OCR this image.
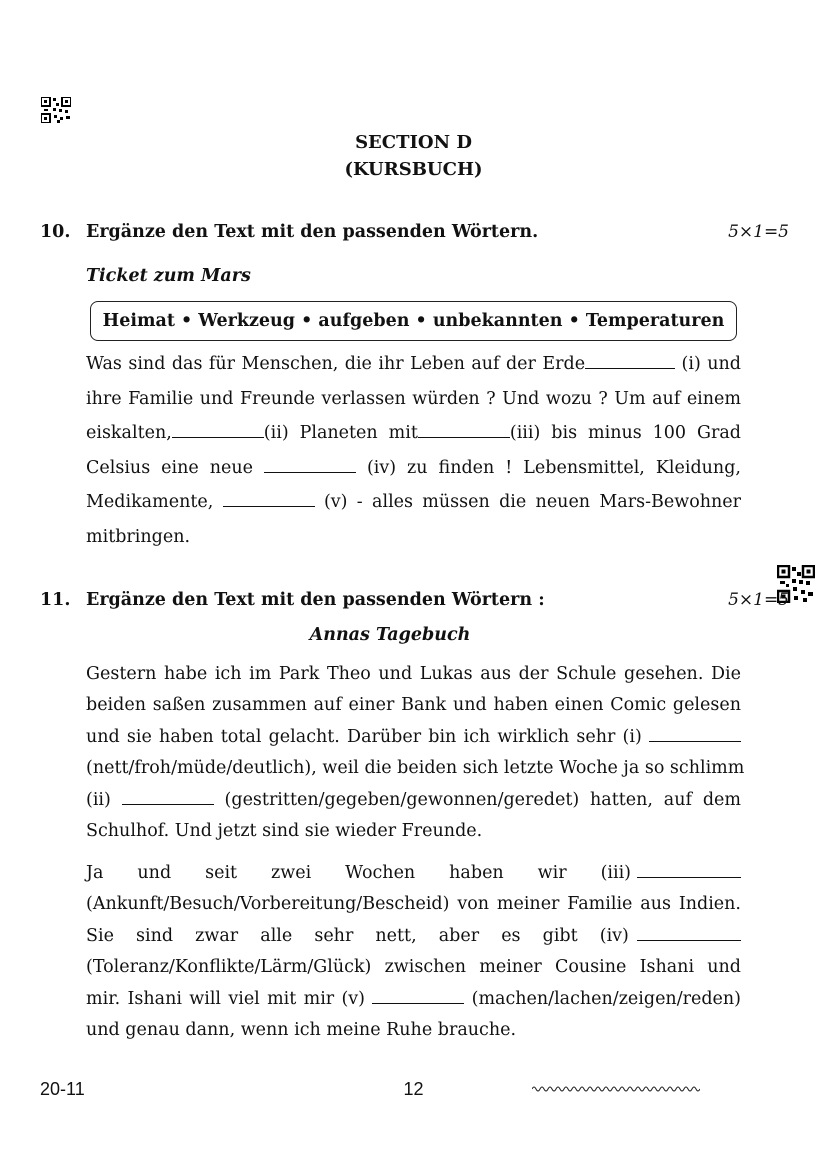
SECTION D
(KURSBUCH)
10. Ergänze den Text mit den passenden Wörtern.	5×1=5
Ticket zum Mars
Heimat • Werkzeug • aufgeben • unbekannten • Temperaturen
Was sind das für Menschen, die ihr Leben auf der Erde	(i) und
ihre Familie und Freunde verlassen würden ? Und wozu ? Um auf einem
eiskalten,	(ii) Planeten mit	(iii) bis minus 100 Grad
Celsius eine neue	(iv) zu finden ! Lebensmittel, Kleidung,
Medikamente,	(v) - alles müssen die neuen Mars-Bewohner
mitbringen.
11. Ergänze den Text mit den passenden Wörtern :	5×1=5
Annas Tagebuch
Gestern habe ich im Park Theo und Lukas aus der Schule gesehen. Die
beiden saßen zusammen auf einer Bank und haben einen Comic gelesen
und sie haben total gelacht. Darüber bin ich wirklich sehr (i)
(nett/froh/müde/deutlich), weil die beiden sich letzte Woche ja so schlimm
(ii)	(gestritten/gegeben/gewonnen/geredet) hatten, auf dem
Schulhof. Und jetzt sind sie wieder Freunde.
Ja und seit zwei Wochen haben wir (iii)
(Ankunft/Besuch/Vorbereitung/Bescheid) von meiner Familie aus Indien.
Sie sind zwar alle sehr nett, aber es gibt (iv)
(Toleranz/Konflikte/Lärm/Glück) zwischen meiner Cousine Ishani und
mir. Ishani will viel mit mir (v)	(machen/lachen/zeigen/reden)
und genau dann, wenn ich meine Ruhe brauche.
20-11	12
